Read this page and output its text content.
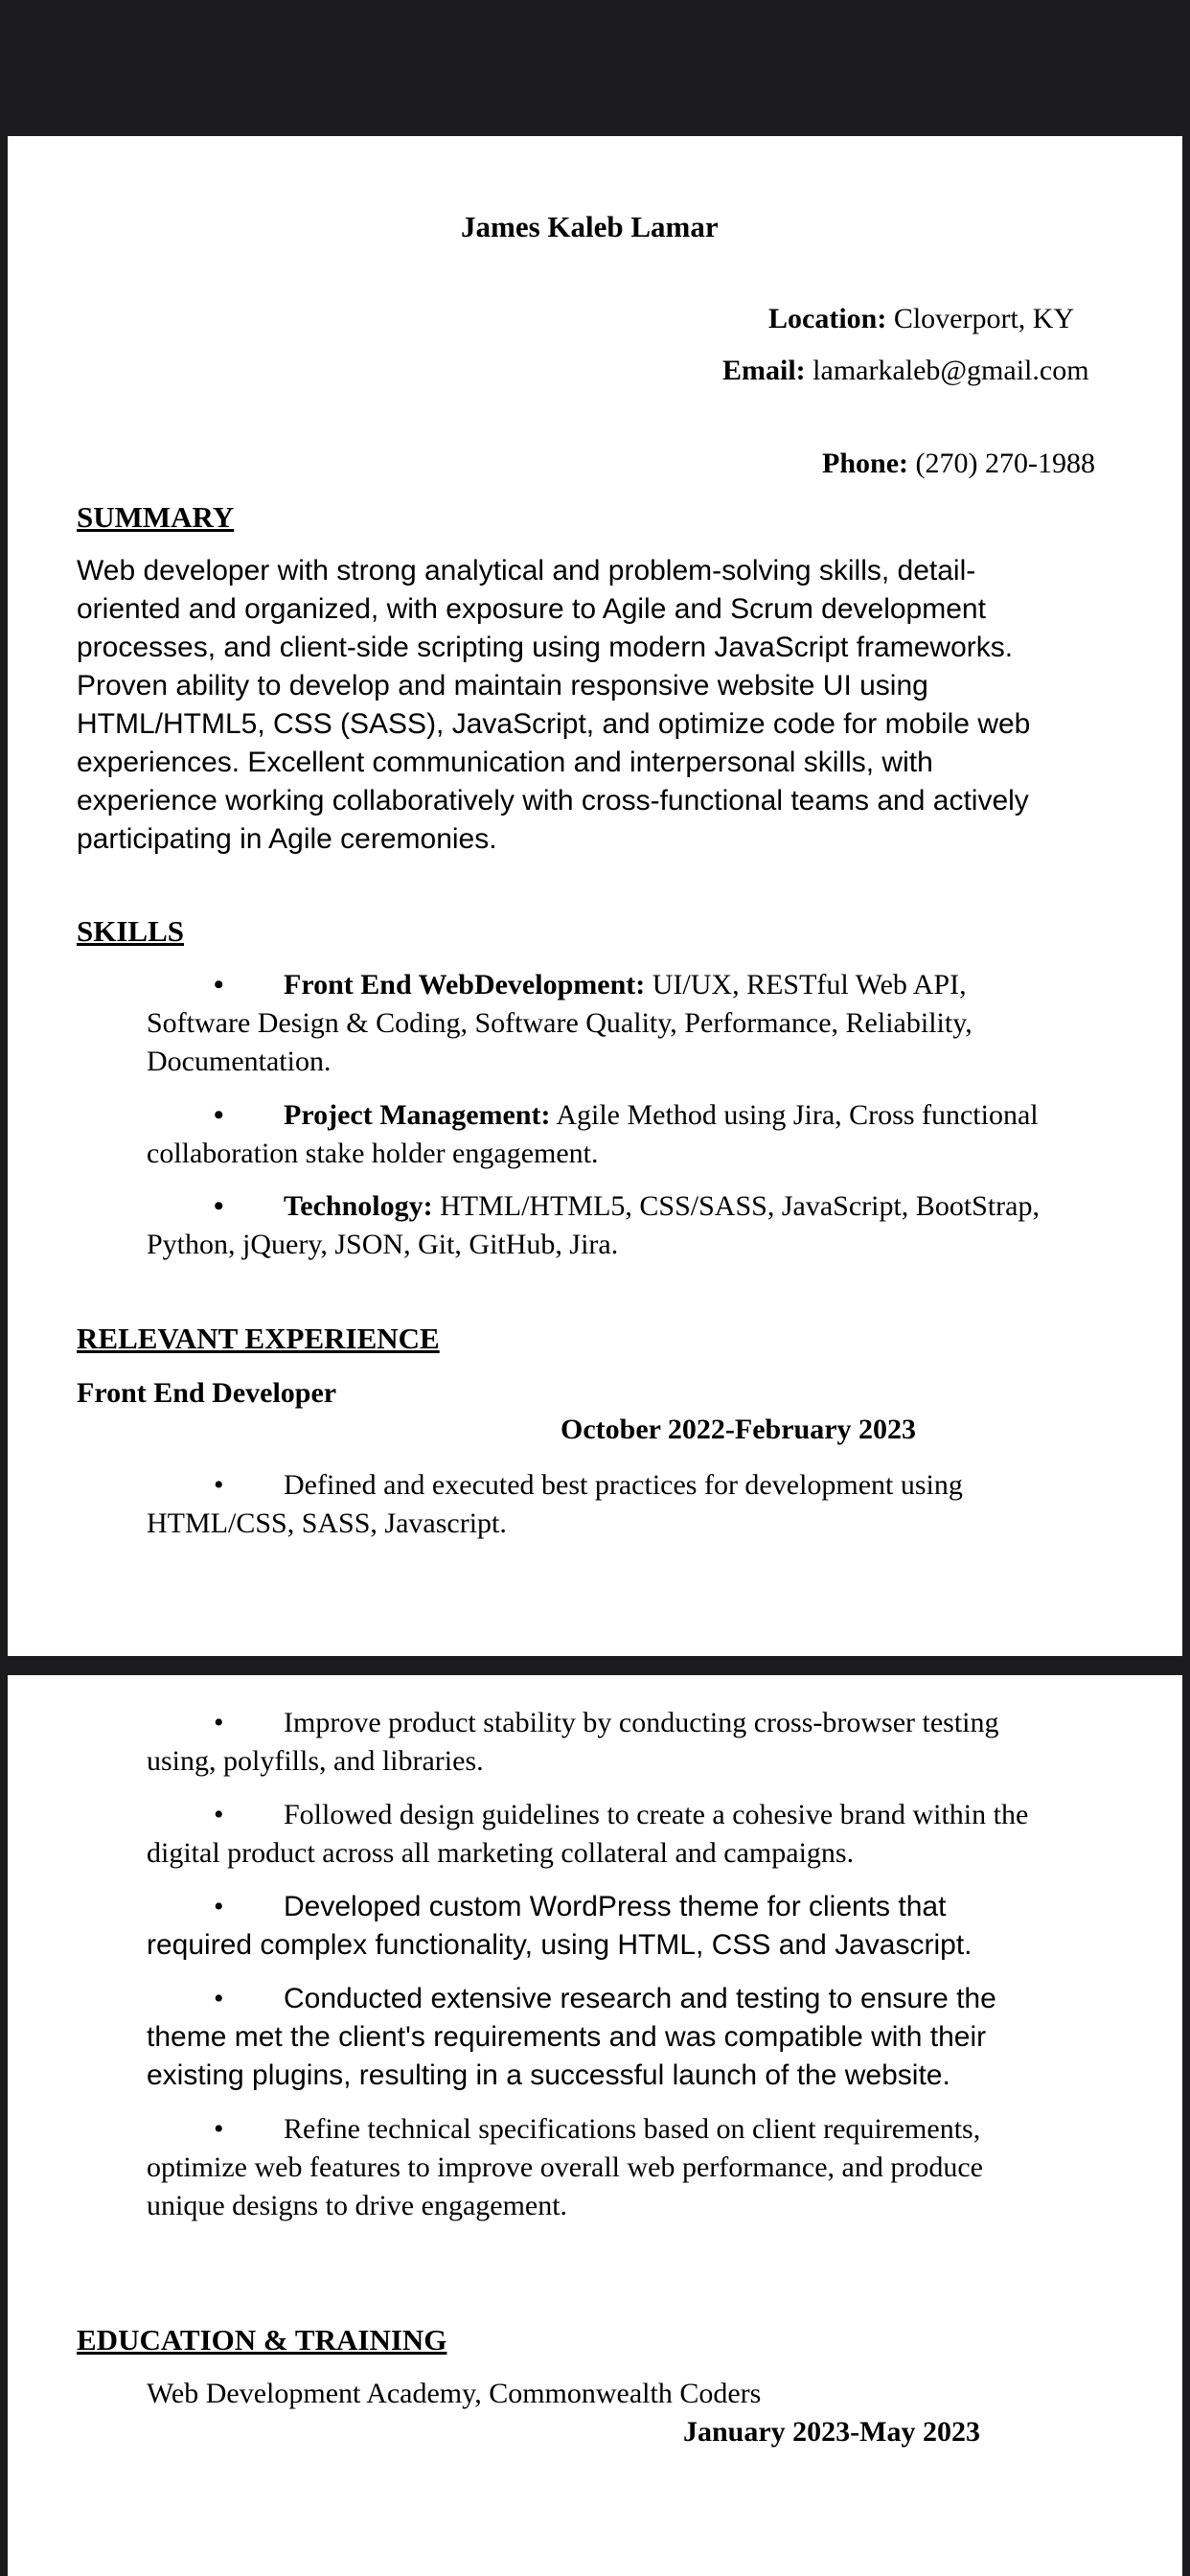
James Kaleb Lamar
Location: Cloverport, KY
Email: lamarkaleb@gmail.com
Phone: (270) 270-1988
SUMMARY

Web developer with strong analytical and problem-solving skills, detail-

oriented and organized, with exposure to Agile and Scrum development

processes, and client-side scripting using modern JavaScript frameworks.

Proven ability to develop and maintain responsive website UI using

HTML/HTML5, CSS (SASS), JavaScript, and optimize code for mobile web

experiences. Excellent communication and interpersonal skills, with

experience working collaboratively with cross-functional teams and actively

participating in Agile ceremonies.

SKILLS
• Front End WebDevelopment: UI/UX, RESTful Web API,

Software Design & Coding, Software Quality, Performance, Reliability,

Documentation.

• Project Management: Agile Method using Jira, Cross functional

collaboration stake holder engagement.

• Technology: HTML/HTML5, CSS/SASS, JavaScript, BootStrap,

Python, jQuery, JSON, Git, GitHub, Jira.

RELEVANT EXPERIENCE
Front End Developer
October 2022-February 2023
• Defined and executed best practices for development using

HTML/CSS, SASS, Javascript.

• Improve product stability by conducting cross-browser testing

using, polyfills, and libraries.

• Followed design guidelines to create a cohesive brand within the

digital product across all marketing collateral and campaigns.

• Developed custom WordPress theme for clients that

required complex functionality, using HTML, CSS and Javascript.

• Conducted extensive research and testing to ensure the

theme met the client's requirements and was compatible with their

existing plugins, resulting in a successful launch of the website.

• Refine technical specifications based on client requirements,

optimize web features to improve overall web performance, and produce

unique designs to drive engagement.

EDUCATION & TRAINING
Web Development Academy, Commonwealth Coders
January 2023-May 2023
